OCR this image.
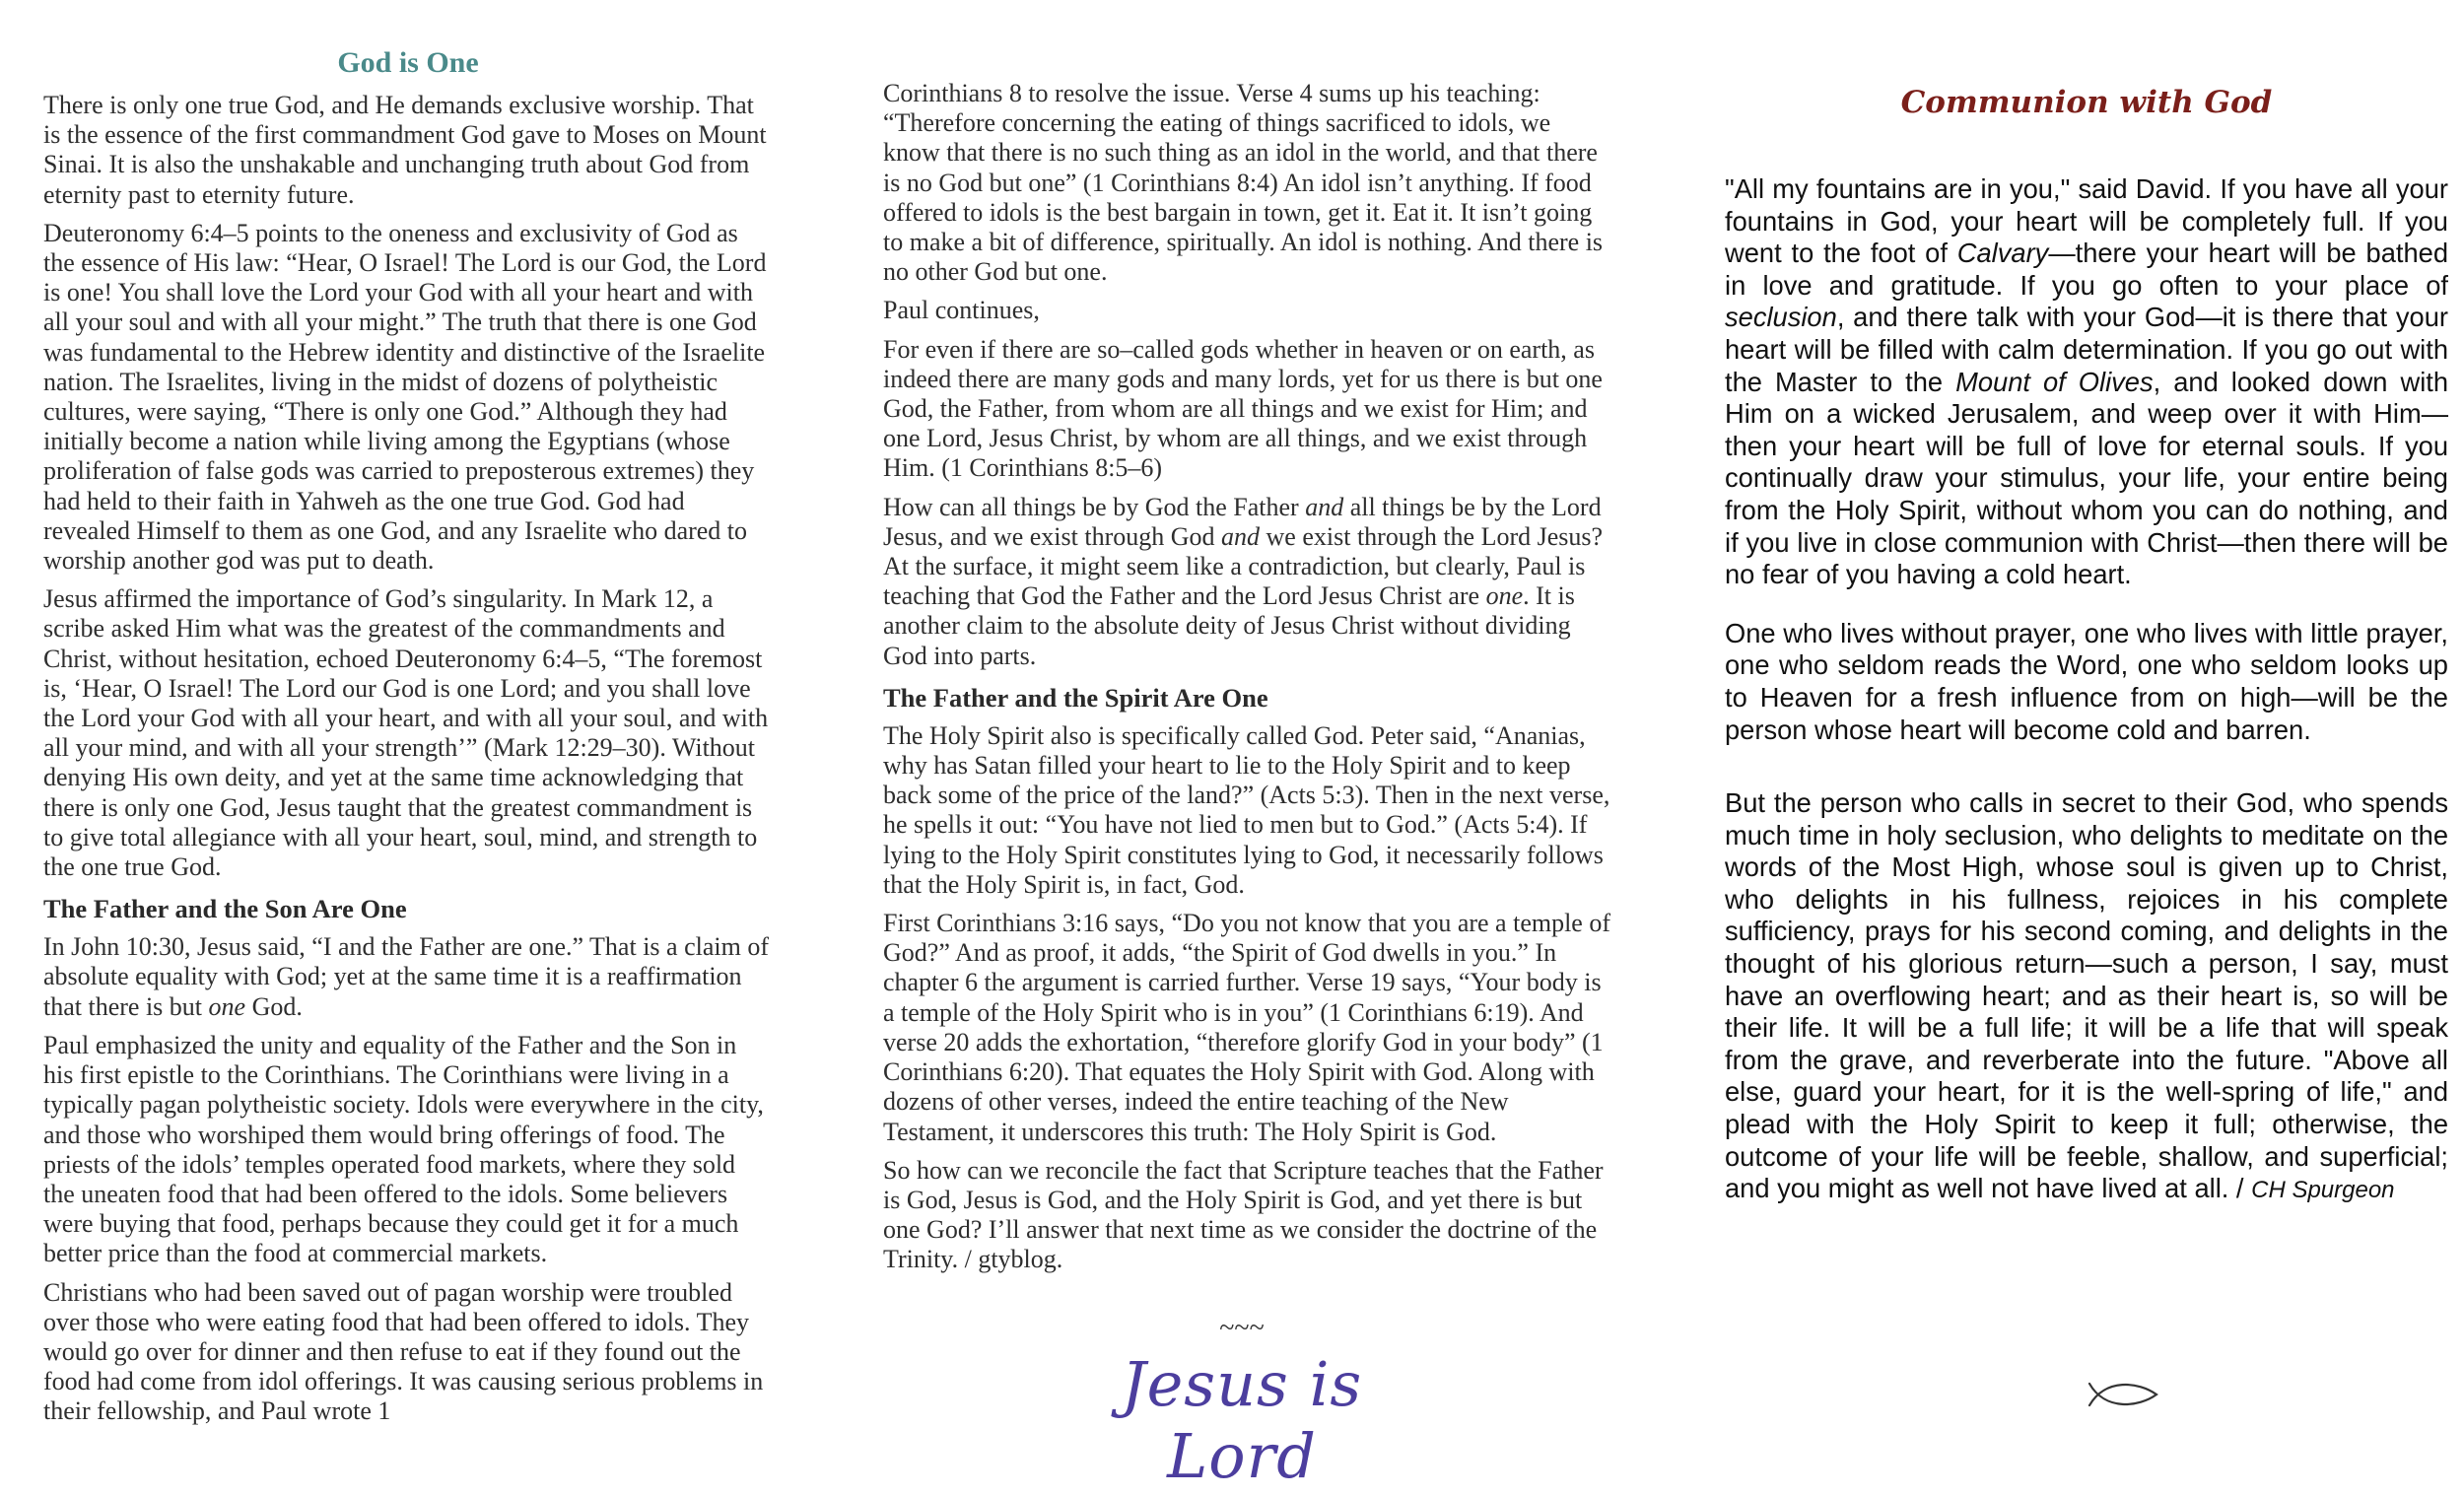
God is One

There is only one true God, and He demands exclusive worship. That is the essence of the first commandment God gave to Moses on Mount Sinai. It is also the unshakable and unchanging truth about God from eternity past to eternity future.

Deuteronomy 6:4–5 points to the oneness and exclusivity of God as the essence of His law: “Hear, O Israel! The Lord is our God, the Lord is one! You shall love the Lord your God with all your heart and with all your soul and with all your might.” The truth that there is one God was fundamental to the Hebrew identity and distinctive of the Israelite nation. The Israelites, living in the midst of dozens of polytheistic cultures, were saying, “There is only one God.” Although they had initially become a nation while living among the Egyptians (whose proliferation of false gods was carried to preposterous extremes) they had held to their faith in Yahweh as the one true God. God had revealed Himself to them as one God, and any Israelite who dared to worship another god was put to death.

Jesus affirmed the importance of God’s singularity. In Mark 12, a scribe asked Him what was the greatest of the commandments and Christ, without hesitation, echoed Deuteronomy 6:4–5, “The foremost is, ‘Hear, O Israel! The Lord our God is one Lord; and you shall love the Lord your God with all your heart, and with all your soul, and with all your mind, and with all your strength’” (Mark 12:29–30). Without denying His own deity, and yet at the same time acknowledging that there is only one God, Jesus taught that the greatest commandment is to give total allegiance with all your heart, soul, mind, and strength to the one true God.

The Father and the Son Are One

In John 10:30, Jesus said, “I and the Father are one.” That is a claim of absolute equality with God; yet at the same time it is a reaffirmation that there is but one God.

Paul emphasized the unity and equality of the Father and the Son in his first epistle to the Corinthians. The Corinthians were living in a typically pagan polytheistic society. Idols were everywhere in the city, and those who worshiped them would bring offerings of food. The priests of the idols’ temples operated food markets, where they sold the uneaten food that had been offered to the idols. Some believers were buying that food, perhaps because they could get it for a much better price than the food at commercial markets.

Christians who had been saved out of pagan worship were troubled over those who were eating food that had been offered to idols. They would go over for dinner and then refuse to eat if they found out the food had come from idol offerings. It was causing serious problems in their fellowship, and Paul wrote 1

Corinthians 8 to resolve the issue. Verse 4 sums up his teaching: “Therefore concerning the eating of things sacrificed to idols, we know that there is no such thing as an idol in the world, and that there is no God but one” (1 Corinthians 8:4) An idol isn’t anything. If food offered to idols is the best bargain in town, get it. Eat it. It isn’t going to make a bit of difference, spiritually. An idol is nothing. And there is no other God but one.

Paul continues,

For even if there are so–called gods whether in heaven or on earth, as indeed there are many gods and many lords, yet for us there is but one God, the Father, from whom are all things and we exist for Him; and one Lord, Jesus Christ, by whom are all things, and we exist through Him. (1 Corinthians 8:5–6)

How can all things be by God the Father and all things be by the Lord Jesus, and we exist through God and we exist through the Lord Jesus? At the surface, it might seem like a contradiction, but clearly, Paul is teaching that God the Father and the Lord Jesus Christ are one. It is another claim to the absolute deity of Jesus Christ without dividing God into parts.

The Father and the Spirit Are One

The Holy Spirit also is specifically called God. Peter said, “Ananias, why has Satan filled your heart to lie to the Holy Spirit and to keep back some of the price of the land?” (Acts 5:3). Then in the next verse, he spells it out: “You have not lied to men but to God.” (Acts 5:4). If lying to the Holy Spirit constitutes lying to God, it necessarily follows that the Holy Spirit is, in fact, God.

First Corinthians 3:16 says, “Do you not know that you are a temple of God?” And as proof, it adds, “the Spirit of God dwells in you.” In chapter 6 the argument is carried further. Verse 19 says, “Your body is a temple of the Holy Spirit who is in you” (1 Corinthians 6:19). And verse 20 adds the exhortation, “therefore glorify God in your body” (1 Corinthians 6:20). That equates the Holy Spirit with God. Along with dozens of other verses, indeed the entire teaching of the New Testament, it underscores this truth: The Holy Spirit is God.

So how can we reconcile the fact that Scripture teaches that the Father is God, Jesus is God, and the Holy Spirit is God, and yet there is but one God? I’ll answer that next time as we consider the doctrine of the Trinity. / gtyblog.

~~~
Jesus is Lord
Communion with God

"All my fountains are in you," said David. If you have all your fountains in God, your heart will be completely full. If you went to the foot of Calvary—there your heart will be bathed in love and gratitude. If you go often to your place of seclusion, and there talk with your God—it is there that your heart will be filled with calm determination. If you go out with the Master to the Mount of Olives, and looked down with Him on a wicked Jerusalem, and weep over it with Him—then your heart will be full of love for eternal souls. If you continually draw your stimulus, your life, your entire being from the Holy Spirit, without whom you can do nothing, and if you live in close communion with Christ—then there will be no fear of you having a cold heart.

One who lives without prayer, one who lives with little prayer, one who seldom reads the Word, one who seldom looks up to Heaven for a fresh influence from on high—will be the person whose heart will become cold and barren.

But the person who calls in secret to their God, who spends much time in holy seclusion, who delights to meditate on the words of the Most High, whose soul is given up to Christ, who delights in his fullness, rejoices in his complete sufficiency, prays for his second coming, and delights in the thought of his glorious return—such a person, I say, must have an overflowing heart; and as their heart is, so will be their life. It will be a full life; it will be a life that will speak from the grave, and reverberate into the future. "Above all else, guard your heart, for it is the well-spring of life," and plead with the Holy Spirit to keep it full; otherwise, the outcome of your life will be feeble, shallow, and superficial; and you might as well not have lived at all. / CH Spurgeon
